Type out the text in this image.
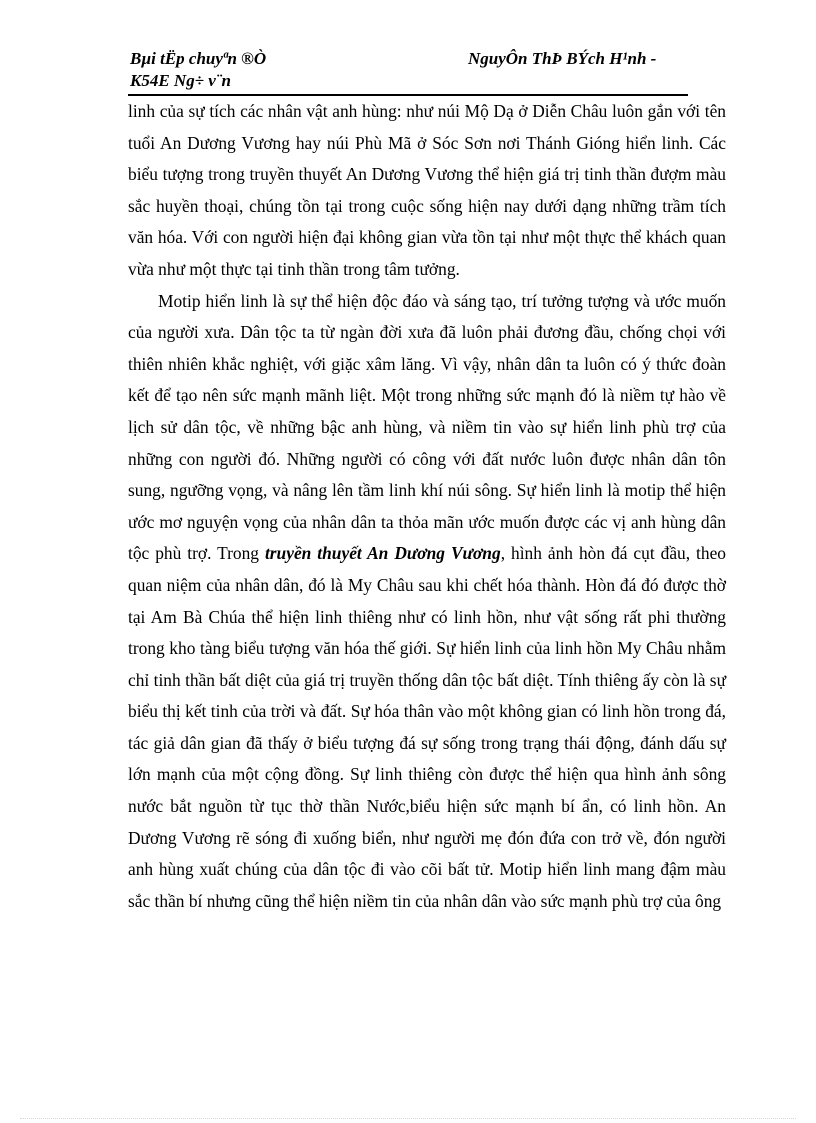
Bµi tËp chuyªn ®Ò
K54E Ng÷ v¨n
NguyÔn ThÞ BÝch H¹nh -

linh của sự tích các nhân vật anh hùng: như núi Mộ Dạ ở Diễn Châu luôn gắn với tên tuổi An Dương Vương hay núi Phù Mã ở Sóc Sơn nơi Thánh Gióng hiển linh. Các biểu tượng trong truyền thuyết An Dương Vương thể hiện giá trị tinh thần đượm màu sắc huyền thoại, chúng tồn tại trong cuộc sống hiện nay dưới dạng những trầm tích văn hóa. Với con người hiện đại không gian vừa tồn tại như một thực thể khách quan vừa như một thực tại tinh thần trong tâm tưởng.

Motip hiển linh là sự thể hiện độc đáo và sáng tạo, trí tưởng tượng và ước muốn của người xưa. Dân tộc ta từ ngàn đời xưa đã luôn phải đương đầu, chống chọi với thiên nhiên khắc nghiệt, với giặc xâm lăng. Vì vậy, nhân dân ta luôn có ý thức đoàn kết để tạo nên sức mạnh mãnh liệt. Một trong những sức mạnh đó là niềm tự hào về lịch sử dân tộc, về những bậc anh hùng, và niềm tin vào sự hiển linh phù trợ của những con người đó. Những người có công với đất nước luôn được nhân dân tôn sung, ngưỡng vọng, và nâng lên tầm linh khí núi sông. Sự hiển linh là motip thể hiện ước mơ nguyện vọng của nhân dân ta thỏa mãn ước muốn được các vị anh hùng dân tộc phù trợ. Trong truyền thuyết An Dương Vương, hình ảnh hòn đá cụt đầu, theo quan niệm của nhân dân, đó là My Châu sau khi chết hóa thành. Hòn đá đó được thờ tại Am Bà Chúa thể hiện linh thiêng như có linh hồn, như vật sống rất phi thường trong kho tàng biểu tượng văn hóa thế giới. Sự hiển linh của linh hồn My Châu nhằm chỉ tinh thần bất diệt của giá trị truyền thống dân tộc bất diệt. Tính thiêng ấy còn là sự biểu thị kết tinh của trời và đất. Sự hóa thân vào một không gian có linh hồn trong đá, tác giả dân gian đã thấy ở biểu tượng đá sự sống trong trạng thái động, đánh dấu sự lớn mạnh của một cộng đồng. Sự linh thiêng còn được thể hiện qua hình ảnh sông nước bắt nguồn từ tục thờ thần Nước,biểu hiện sức mạnh bí ẩn, có linh hồn. An Dương Vương rẽ sóng đi xuống biển, như người mẹ đón đứa con trở về, đón người anh hùng xuất chúng của dân tộc đi vào cõi bất tử. Motip hiển linh mang đậm màu sắc thần bí nhưng cũng thể hiện niềm tin của nhân dân vào sức mạnh phù trợ của ông
